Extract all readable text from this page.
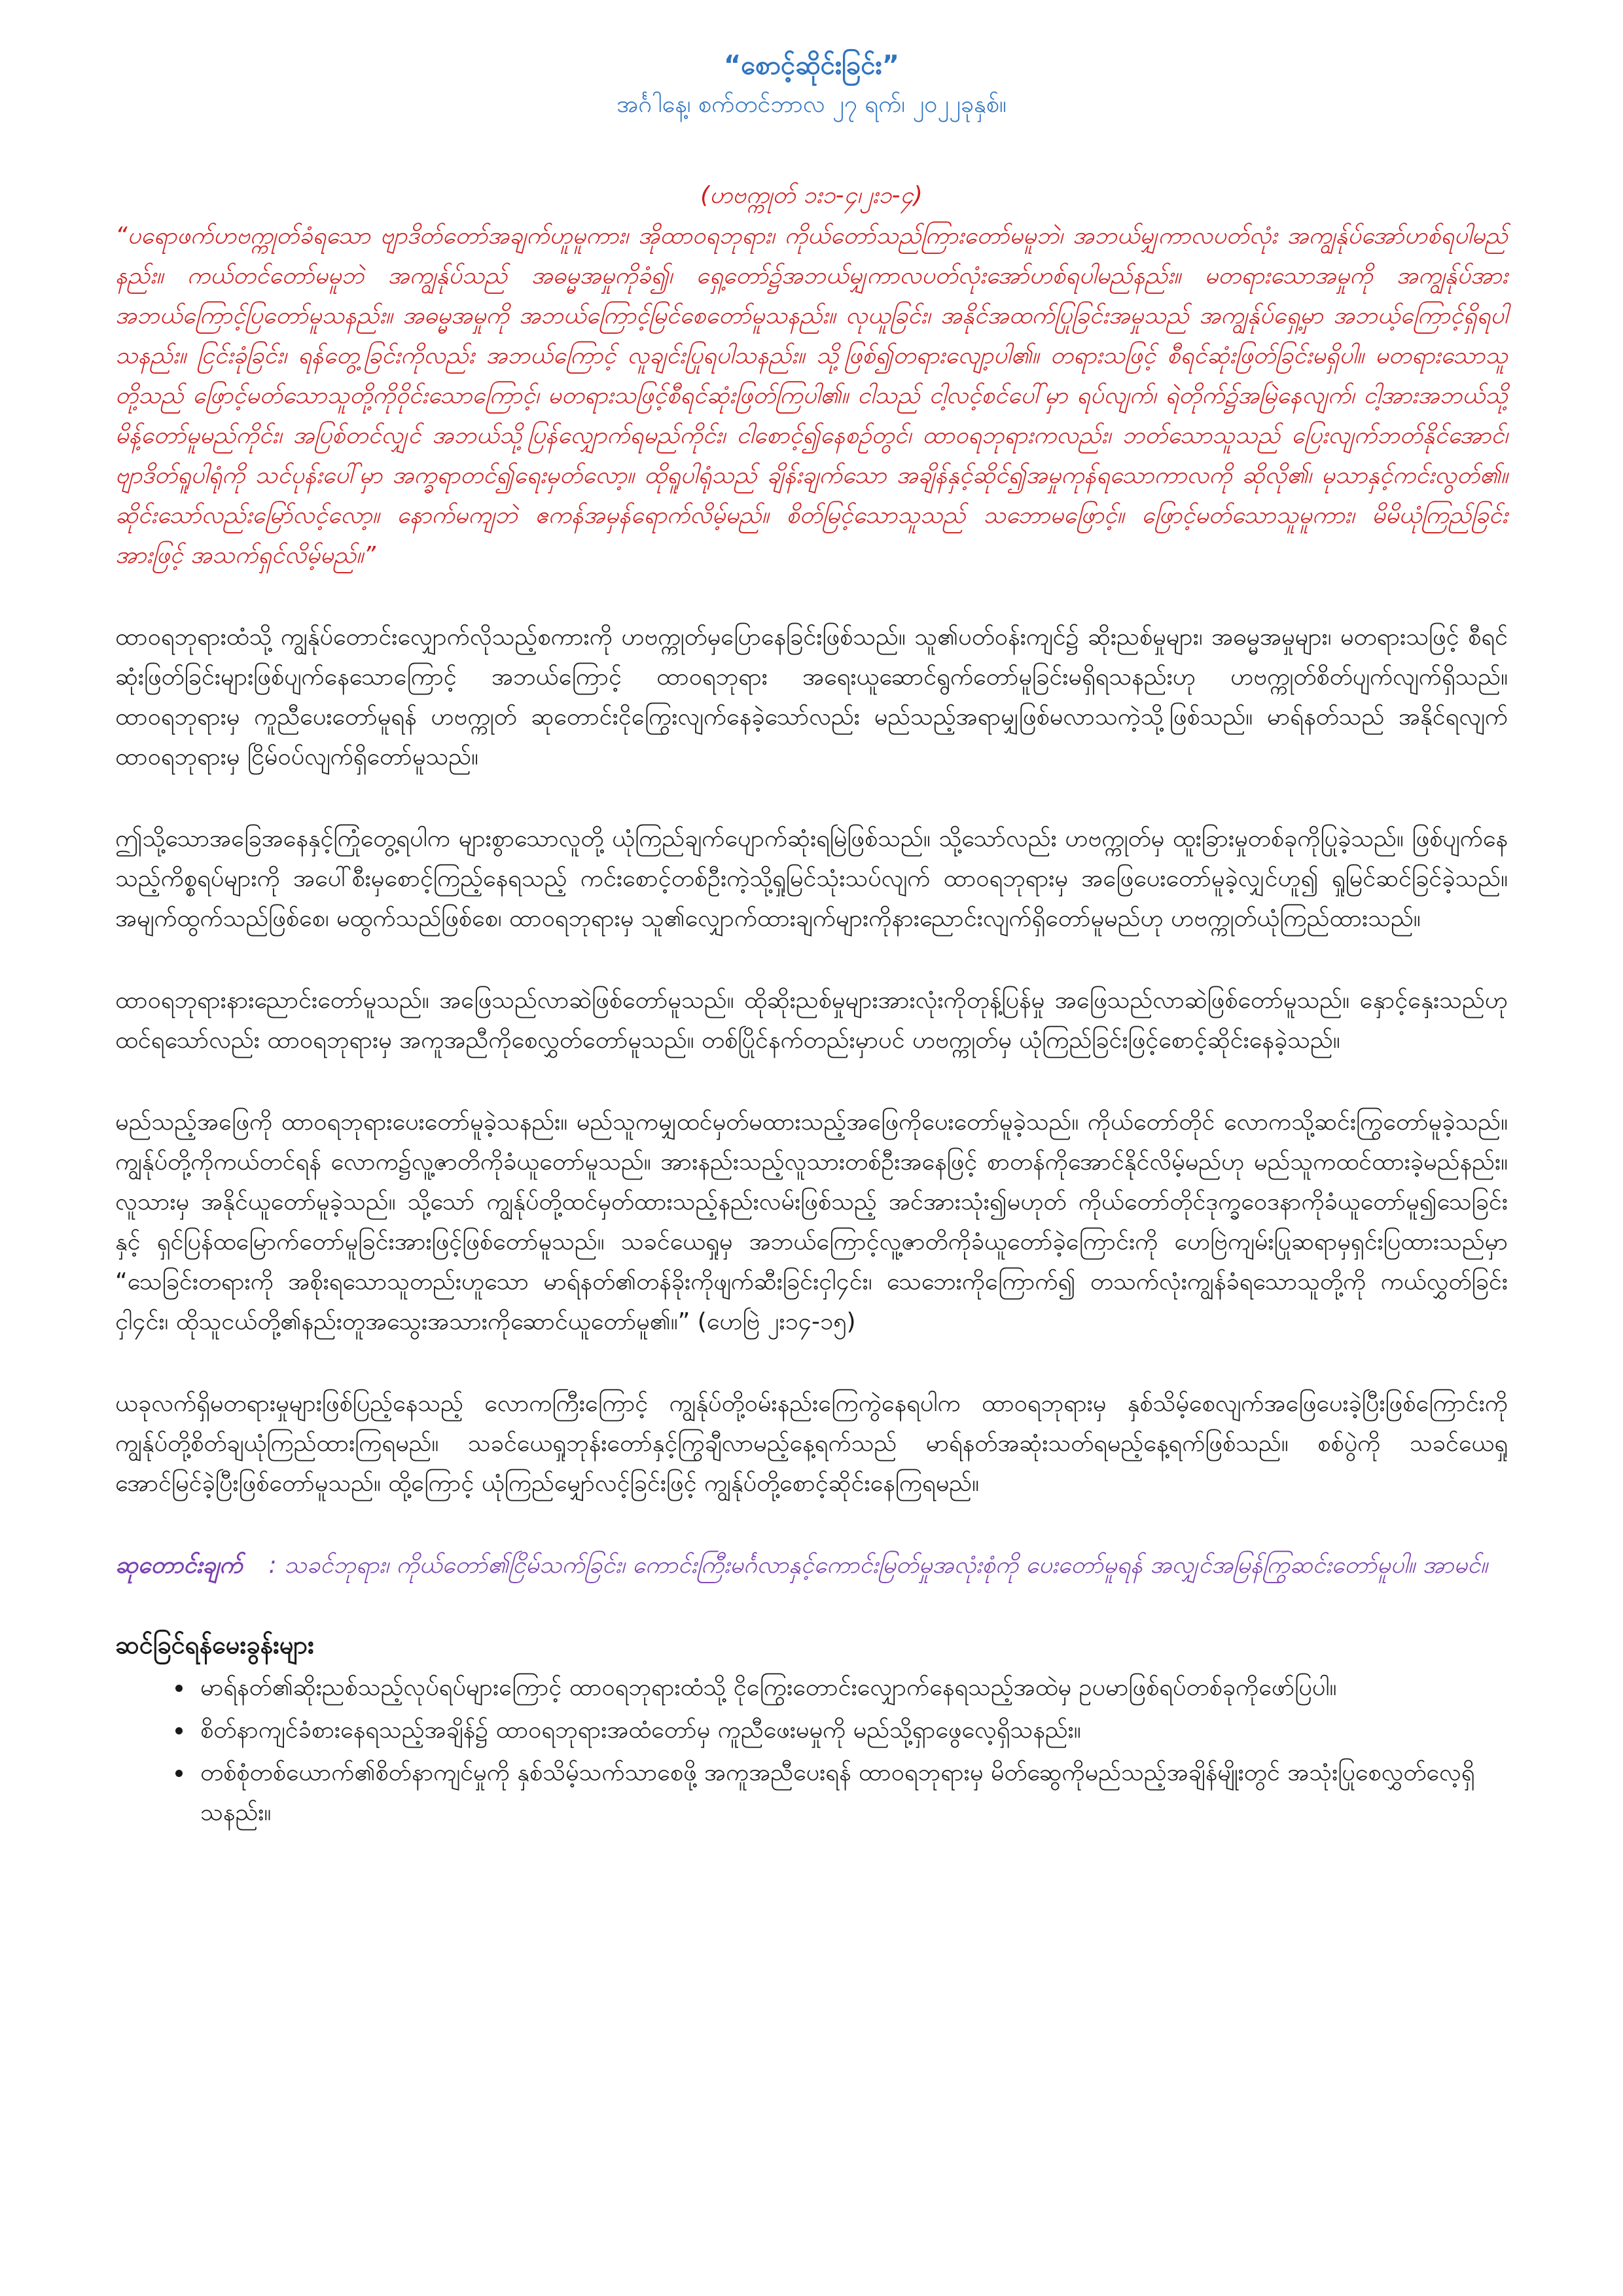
“စောင့်ဆိုင်းခြင်း”

အင်္ဂါနေ့၊ စက်တင်ဘာလ ၂၇ ရက်၊ ၂၀၂၂ခုနှစ်။

(ဟဗက္ကုတ် ၁း၁-၄၊၂း၁-၄)

“ပရောဖက်ဟဗက္ကုတ်ခံရသော ဗျာဒိတ်တော်အချက်ဟူမူကား၊ အိုထာဝရဘုရား၊ ကိုယ်တော်သည်ကြားတော်မမူဘဲ၊ အဘယ်မျှကာလပတ်လုံး အကျွန်ုပ်အော်ဟစ်ရပါမည်နည်း။ ကယ်တင်တော်မမူဘဲ အကျွန်ုပ်သည် အဓမ္မအမှုကိုခံ၍၊ ရှေ့တော်၌အဘယ်မျှကာလပတ်လုံးအော်ဟစ်ရပါမည်နည်း။ မတရားသောအမှုကို အကျွန်ုပ်အား အဘယ်ကြောင့်ပြတော်မူသနည်း။ အဓမ္မအမှုကို အဘယ်ကြောင့်မြင်စေတော်မူသနည်း။ လုယူခြင်း၊ အနိုင်အထက်ပြုခြင်းအမှုသည် အကျွန်ုပ်ရှေ့မှာ အဘယ့်ကြောင့်ရှိရပါသနည်း။ ငြင်းခုံခြင်း၊ ရန်တွေ့ခြင်းကိုလည်း အဘယ်ကြောင့် လူချင်းပြုရပါသနည်း။ သို့ဖြစ်၍တရားလျော့ပါ၏။ တရားသဖြင့် စီရင်ဆုံးဖြတ်ခြင်းမရှိပါ။ မတရားသောသူတို့သည် ဖြောင့်မတ်သောသူတို့ကိုဝိုင်းသောကြောင့်၊ မတရားသဖြင့်စီရင်ဆုံးဖြတ်ကြပါ၏။ ငါသည် ငါ့လင့်စင်ပေါ်မှာ ရပ်လျက်၊ ရဲတိုက်၌အမြဲနေလျက်၊ ငါ့အားအဘယ်သို့မိန့်တော်မူမည်ကိုင်း၊ အပြစ်တင်လျှင် အဘယ်သို့ပြန်လျှောက်ရမည်ကိုင်း၊ ငါစောင့်၍နေစဉ်တွင်၊ ထာဝရဘုရားကလည်း၊ ဘတ်သောသူသည် ပြေးလျက်ဘတ်နိုင်အောင်၊ ဗျာဒိတ်ရူပါရုံကို သင်ပုန်းပေါ်မှာ အက္ခရာတင်၍ရေးမှတ်လော့။ ထိုရူပါရုံသည် ချိန်းချက်သော အချိန်နှင့်ဆိုင်၍အမှုကုန်ရသောကာလကို ဆိုလို၏၊ မုသာနှင့်ကင်းလွတ်၏။ ဆိုင်းသော်လည်းမြော်လင့်လော့။ နောက်မကျဘဲ ဧကန်အမှန်ရောက်လိမ့်မည်။ စိတ်မြင့်သောသူသည် သဘောမဖြောင့်။ ဖြောင့်မတ်သောသူမူကား၊ မိမိယုံကြည်ခြင်းအားဖြင့် အသက်ရှင်လိမ့်မည်။”

ထာဝရဘုရားထံသို့ ကျွန်ုပ်တောင်းလျှောက်လိုသည့်စကားကို ဟဗက္ကုတ်မှပြောနေခြင်းဖြစ်သည်။ သူ၏ပတ်ဝန်းကျင်၌ ဆိုးညစ်မှုများ၊ အဓမ္မအမှုများ၊ မတရားသဖြင့် စီရင်ဆုံးဖြတ်ခြင်းများဖြစ်ပျက်နေသောကြောင့် အဘယ်ကြောင့် ထာဝရဘုရား အရေးယူဆောင်ရွက်တော်မူခြင်းမရှိရသနည်းဟု ဟဗက္ကုတ်စိတ်ပျက်လျက်ရှိသည်။ ထာဝရဘုရားမှ ကူညီပေးတော်မူရန် ဟဗက္ကုတ် ဆုတောင်းငိုကြွေးလျက်နေခဲ့သော်လည်း မည်သည့်အရာမျှဖြစ်မလာသကဲ့သို့ဖြစ်သည်။ မာရ်နတ်သည် အနိုင်ရလျက် ထာဝရဘုရားမှ ငြိမ်ဝပ်လျက်ရှိတော်မူသည်။

ဤသို့သောအခြေအနေနှင့်ကြုံတွေ့ရပါက များစွာသောလူတို့ ယုံကြည်ချက်ပျောက်ဆုံးရမြဲဖြစ်သည်။ သို့သော်လည်း ဟဗက္ကုတ်မှ ထူးခြားမှုတစ်ခုကိုပြုခဲ့သည်။ ဖြစ်ပျက်နေသည့်ကိစ္စရပ်များကို အပေါ်စီးမှစောင့်ကြည့်နေရသည့် ကင်းစောင့်တစ်ဦးကဲ့သို့ရှုမြင်သုံးသပ်လျက် ထာဝရဘုရားမှ အဖြေပေးတော်မူခဲ့လျှင်ဟူ၍ ရှုမြင်ဆင်ခြင်ခဲ့သည်။ အမျက်ထွက်သည်ဖြစ်စေ၊ မထွက်သည်ဖြစ်စေ၊ ထာဝရဘုရားမှ သူ၏လျှောက်ထားချက်များကိုနားညောင်းလျက်ရှိတော်မူမည်ဟု ဟဗက္ကုတ်ယုံကြည်ထားသည်။

ထာဝရဘုရားနားညောင်းတော်မူသည်။ အဖြေသည်လာဆဲဖြစ်တော်မူသည်။ ထိုဆိုးညစ်မှုများအားလုံးကိုတုန့်ပြန်မှု အဖြေသည်လာဆဲဖြစ်တော်မူသည်။ နှောင့်နှေးသည်ဟုထင်ရသော်လည်း ထာဝရဘုရားမှ အကူအညီကိုစေလွှတ်တော်မူသည်။ တစ်ပြိုင်နက်တည်းမှာပင် ဟဗက္ကုတ်မှ ယုံကြည်ခြင်းဖြင့်စောင့်ဆိုင်းနေခဲ့သည်။

မည်သည့်အဖြေကို ထာဝရဘုရားပေးတော်မူခဲ့သနည်း။ မည်သူကမျှထင်မှတ်မထားသည့်အဖြေကိုပေးတော်မူခဲ့သည်။ ကိုယ်တော်တိုင် လောကသို့ဆင်းကြွတော်မူခဲ့သည်။ ကျွန်ုပ်တို့ကိုကယ်တင်ရန် လောက၌လူ့ဇာတိကိုခံယူတော်မူသည်။ အားနည်းသည့်လူသားတစ်ဦးအနေဖြင့် စာတန်ကိုအောင်နိုင်လိမ့်မည်ဟု မည်သူကထင်ထားခဲ့မည်နည်း။ လူသားမှ အနိုင်ယူတော်မူခဲ့သည်။ သို့သော် ကျွန်ုပ်တို့ထင်မှတ်ထားသည့်နည်းလမ်းဖြစ်သည့် အင်အားသုံး၍မဟုတ် ကိုယ်တော်တိုင်ဒုက္ခဝေဒနာကိုခံယူတော်မူ၍သေခြင်းနှင့် ရှင်ပြန်ထမြောက်တော်မူခြင်းအားဖြင့်ဖြစ်တော်မူသည်။ သခင်ယေရှုမှ အဘယ်ကြောင့်လူ့ဇာတိကိုခံယူတော်ခဲ့ကြောင်းကို ဟေဗြဲကျမ်းပြုဆရာမှရှင်းပြထားသည်မှာ “သေခြင်းတရားကို အစိုးရသောသူတည်းဟူသော မာရ်နတ်၏တန်ခိုးကိုဖျက်ဆီးခြင်းငှါ၄င်း၊ သေဘေးကိုကြောက်၍ တသက်လုံးကျွန်ခံရသောသူတို့ကို ကယ်လွှတ်ခြင်းငှါ၄င်း၊ ထိုသူငယ်တို့၏နည်းတူအသွေးအသားကိုဆောင်ယူတော်မူ၏။” (ဟေဗြဲ ၂း၁၄-၁၅)

ယခုလက်ရှိမတရားမှုများဖြစ်ပြည့်နေသည့် လောကကြီးကြောင့် ကျွန်ုပ်တို့ဝမ်းနည်းကြေကွဲနေရပါက ထာဝရဘုရားမှ နှစ်သိမ့်စေလျက်အဖြေပေးခဲ့ပြီးဖြစ်ကြောင်းကို ကျွန်ုပ်တို့စိတ်ချယုံကြည်ထားကြရမည်။ သခင်ယေရှုဘုန်းတော်နှင့်ကြွချီလာမည့်နေ့ရက်သည် မာရ်နတ်အဆုံးသတ်ရမည့်နေ့ရက်ဖြစ်သည်။ စစ်ပွဲကို သခင်ယေရှုအောင်မြင်ခဲ့ပြီးဖြစ်တော်မူသည်။ ထို့ကြောင့် ယုံကြည်မျှော်လင့်ခြင်းဖြင့် ကျွန်ုပ်တို့စောင့်ဆိုင်းနေကြရမည်။

ဆုတောင်းချက် : သခင်ဘုရား၊ ကိုယ်တော်၏ငြိမ်သက်ခြင်း၊ ကောင်းကြီးမင်္ဂလာနှင့်ကောင်းမြတ်မှုအလုံးစုံကို ပေးတော်မူရန် အလျှင်အမြန်ကြွဆင်းတော်မူပါ။ အာမင်။

ဆင်ခြင်ရန်မေးခွန်းများ
• မာရ်နတ်၏ဆိုးညစ်သည့်လုပ်ရပ်များကြောင့် ထာဝရဘုရားထံသို့ ငိုကြွေးတောင်းလျှောက်နေရသည့်အထဲမှ ဥပမာဖြစ်ရပ်တစ်ခုကိုဖော်ပြပါ။
• စိတ်နာကျင်ခံစားနေရသည့်အချိန်၌ ထာဝရဘုရားအထံတော်မှ ကူညီဖေးမမှုကို မည်သို့ရှာဖွေလေ့ရှိသနည်း။
• တစ်စုံတစ်ယောက်၏စိတ်နာကျင်မှုကို နှစ်သိမ့်သက်သာစေဖို့ အကူအညီပေးရန် ထာဝရဘုရားမှ မိတ်ဆွေကိုမည်သည့်အချိန်မျိုးတွင် အသုံးပြုစေလွှတ်လေ့ရှိသနည်း။
